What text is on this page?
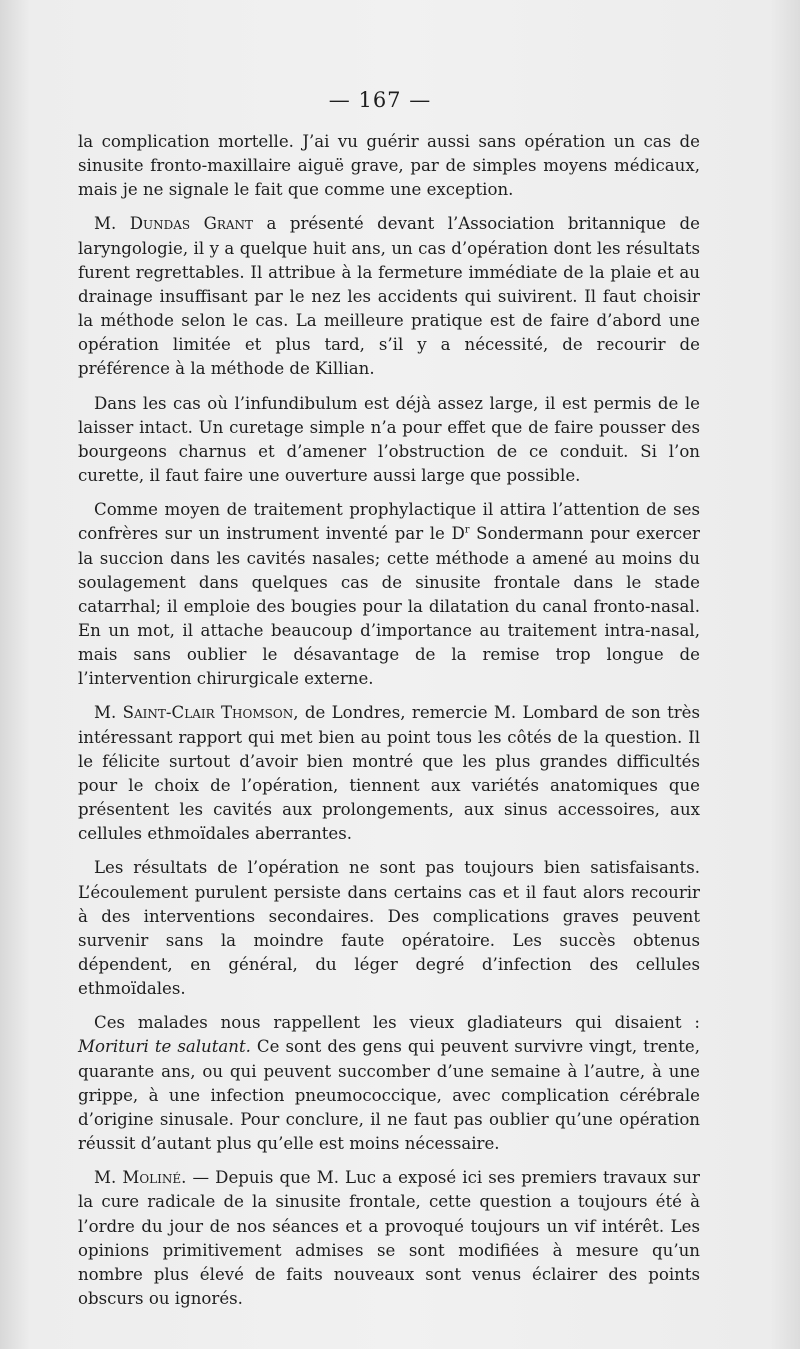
— 167 —

la complication mortelle. J’ai vu guérir aussi sans opération un cas de sinusite fronto-maxillaire aiguë grave, par de simples moyens médicaux, mais je ne signale le fait que comme une exception.

M. Dundas Grant a présenté devant l’Association britannique de laryngologie, il y a quelque huit ans, un cas d’opération dont les résultats furent regrettables. Il attribue à la fermeture immédiate de la plaie et au drainage insuffisant par le nez les accidents qui suivirent. Il faut choisir la méthode selon le cas. La meilleure pratique est de faire d’abord une opération limitée et plus tard, s’il y a nécessité, de recourir de préférence à la méthode de Killian.

Dans les cas où l’infundibulum est déjà assez large, il est permis de le laisser intact. Un curetage simple n’a pour effet que de faire pousser des bourgeons charnus et d’amener l’obstruction de ce conduit. Si l’on curette, il faut faire une ouverture aussi large que possible.

Comme moyen de traitement prophylactique il attira l’attention de ses confrères sur un instrument inventé par le $D^r$ Sondermann pour exercer la succion dans les cavités nasales; cette méthode a amené au moins du soulagement dans quelques cas de sinusite frontale dans le stade catarrhal; il emploie des bougies pour la dilatation du canal fronto-nasal. En un mot, il attache beaucoup d’importance au traitement intra-nasal, mais sans oublier le désavantage de la remise trop longue de l’intervention chirurgicale externe.

M. Saint-Clair Thomson, de Londres, remercie M. Lombard de son très intéressant rapport qui met bien au point tous les côtés de la question. Il le félicite surtout d’avoir bien montré que les plus grandes difficultés pour le choix de l’opération, tiennent aux variétés anatomiques que présentent les cavités aux prolongements, aux sinus accessoires, aux cellules ethmoïdales aberrantes.

Les résultats de l’opération ne sont pas toujours bien satisfaisants. L’écoulement purulent persiste dans certains cas et il faut alors recourir à des interventions secondaires. Des complications graves peuvent survenir sans la moindre faute opératoire. Les succès obtenus dépendent, en général, du léger degré d’infection des cellules ethmoïdales.

Ces malades nous rappellent les vieux gladiateurs qui disaient : Morituri te salutant. Ce sont des gens qui peuvent survivre vingt, trente, quarante ans, ou qui peuvent succomber d’une semaine à l’autre, à une grippe, à une infection pneumococcique, avec complication cérébrale d’origine sinusale. Pour conclure, il ne faut pas oublier qu’une opération réussit d’autant plus qu’elle est moins nécessaire.

M. Moliné. — Depuis que M. Luc a exposé ici ses premiers travaux sur la cure radicale de la sinusite frontale, cette question a toujours été à l’ordre du jour de nos séances et a provoqué toujours un vif intérêt. Les opinions primitivement admises se sont modifiées à mesure qu’un nombre plus élevé de faits nouveaux sont venus éclairer des points obscurs ou ignorés.
